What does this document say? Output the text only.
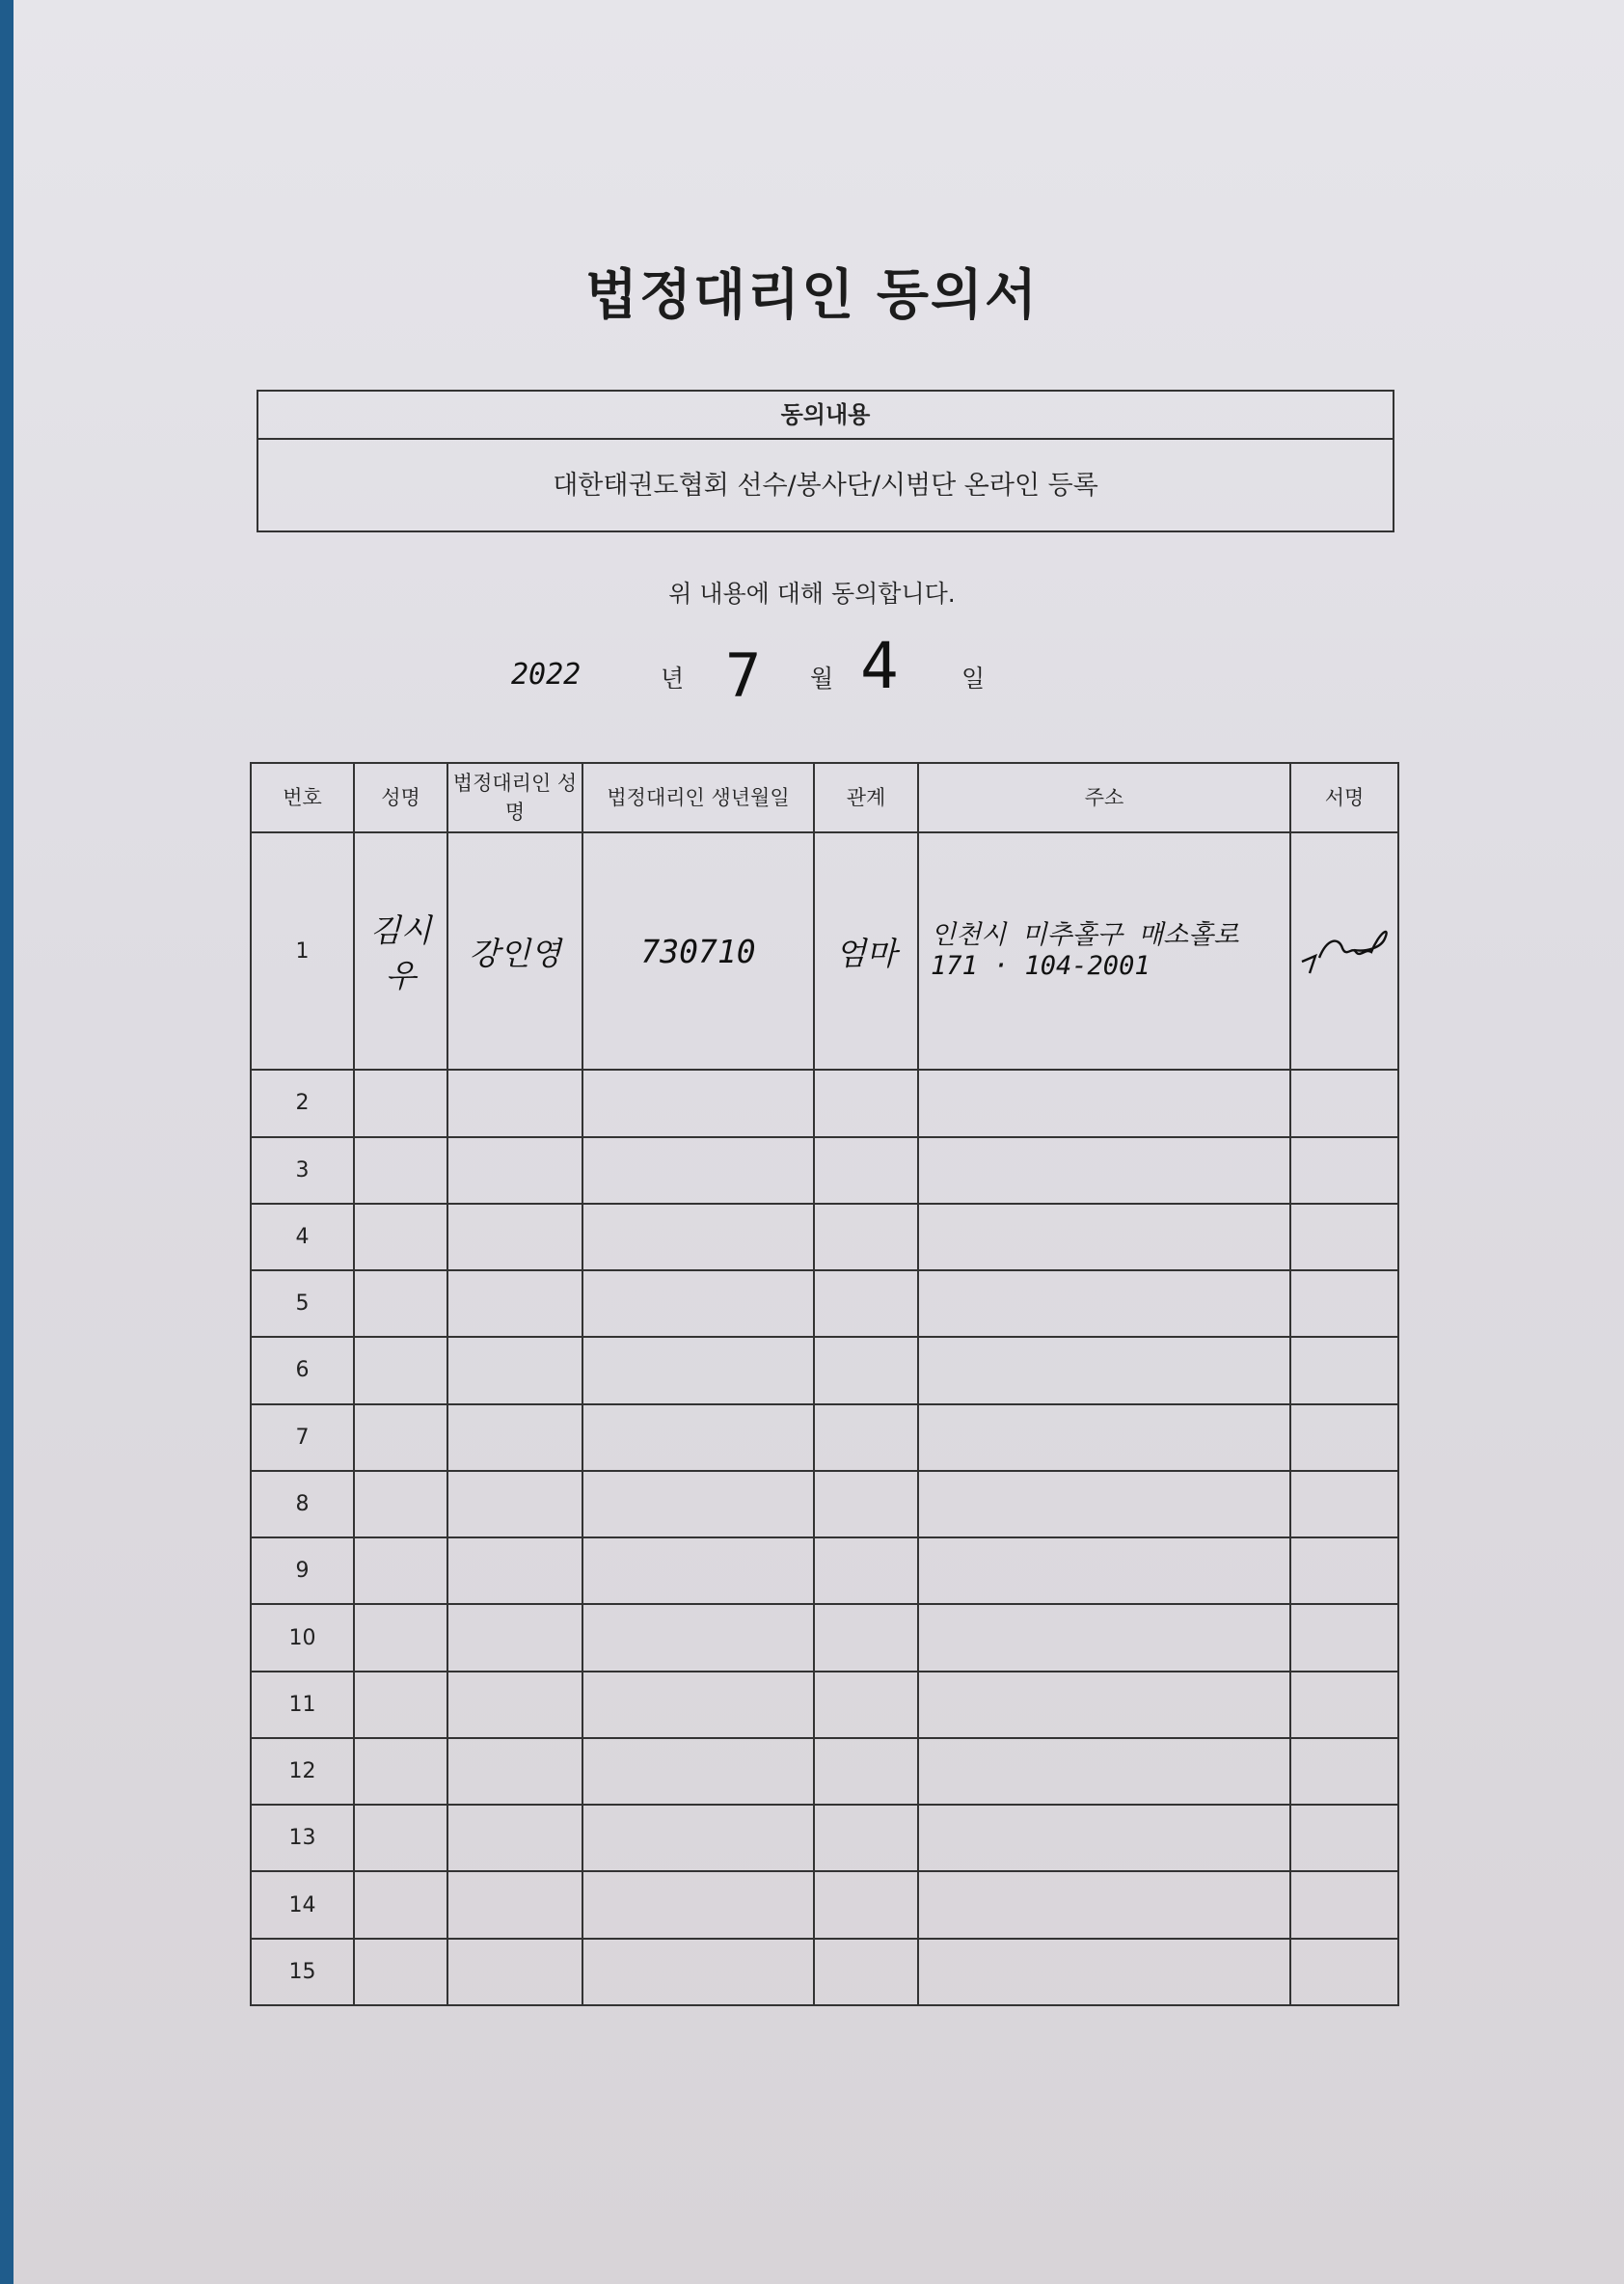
법정대리인 동의서
동의내용
대한태권도협회 선수/봉사단/시범단 온라인 등록
위 내용에 대해 동의합니다.
2022	년 7 월 4	일
번호	성명	법정대리인 성명	법정대리인 생년월일	관계	주소	서명
1	김시우	강인영	730710	엄마	인천시 미추홀구 매소홀로
171 · 104-2001

2						
3						
4						
5						
6						
7						
8						
9						
10						
11						
12						
13						
14						
15						
